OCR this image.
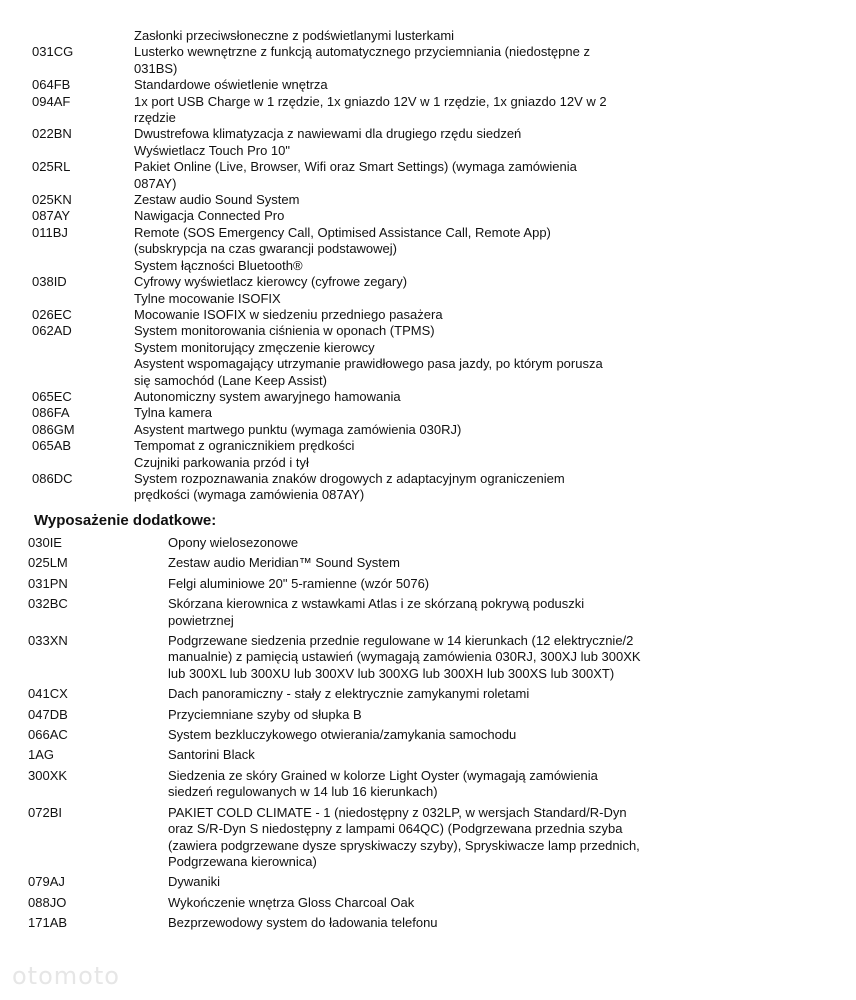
Zasłonki przeciwsłoneczne z podświetlanymi lusterkami
031CG	Lusterko wewnętrzne z funkcją automatycznego przyciemniania (niedostępne z 031BS)
064FB	Standardowe oświetlenie wnętrza
094AF	1x port USB Charge w 1 rzędzie, 1x gniazdo 12V w 1 rzędzie, 1x gniazdo 12V w 2 rzędzie
022BN	Dwustrefowa klimatyzacja z nawiewami dla drugiego rzędu siedzeń
Wyświetlacz Touch Pro 10"
025RL	Pakiet Online (Live, Browser, Wifi oraz Smart Settings) (wymaga zamówienia 087AY)
025KN	Zestaw audio Sound System
087AY	Nawigacja Connected Pro
011BJ	Remote (SOS Emergency Call, Optimised Assistance Call, Remote App) (subskrypcja na czas gwarancji podstawowej)
System łączności Bluetooth®
038ID	Cyfrowy wyświetlacz kierowcy (cyfrowe zegary)
Tylne mocowanie ISOFIX
026EC	Mocowanie ISOFIX w siedzeniu przedniego pasażera
062AD	System monitorowania ciśnienia w oponach (TPMS)
System monitorujący zmęczenie kierowcy
Asystent wspomagający utrzymanie prawidłowego pasa jazdy, po którym porusza się samochód (Lane Keep Assist)
065EC	Autonomiczny system awaryjnego hamowania
086FA	Tylna kamera
086GM	Asystent martwego punktu (wymaga zamówienia 030RJ)
065AB	Tempomat z ogranicznikiem prędkości
Czujniki parkowania przód i tył
086DC	System rozpoznawania znaków drogowych z adaptacyjnym ograniczeniem prędkości (wymaga zamówienia 087AY)
Wyposażenie dodatkowe:
030IE	Opony wielosezonowe
025LM	Zestaw audio Meridian™ Sound System
031PN	Felgi aluminiowe 20" 5-ramienne (wzór 5076)
032BC	Skórzana kierownica z wstawkami Atlas i ze skórzaną pokrywą poduszki powietrznej
033XN	Podgrzewane siedzenia przednie regulowane w 14 kierunkach (12 elektrycznie/2 manualnie) z pamięcią ustawień (wymagają zamówienia 030RJ, 300XJ lub 300XK lub 300XL lub 300XU lub 300XV lub 300XG lub 300XH lub 300XS lub 300XT)
041CX	Dach panoramiczny - stały z elektrycznie zamykanymi roletami
047DB	Przyciemniane szyby od słupka B
066AC	System bezkluczykowego otwierania/zamykania samochodu
1AG	Santorini Black
300XK	Siedzenia ze skóry Grained w kolorze Light Oyster (wymagają zamówienia siedzeń regulowanych w 14 lub 16 kierunkach)
072BI	PAKIET COLD CLIMATE - 1 (niedostępny z 032LP, w wersjach Standard/R-Dyn oraz S/R-Dyn S niedostępny z lampami 064QC) (Podgrzewana przednia szyba (zawiera podgrzewane dysze spryskiwaczy szyby), Spryskiwacze lamp przednich, Podgrzewana kierownica)
079AJ	Dywaniki
088JO	Wykończenie wnętrza Gloss Charcoal Oak
171AB	Bezprzewodowy system do ładowania telefonu
otomoto
